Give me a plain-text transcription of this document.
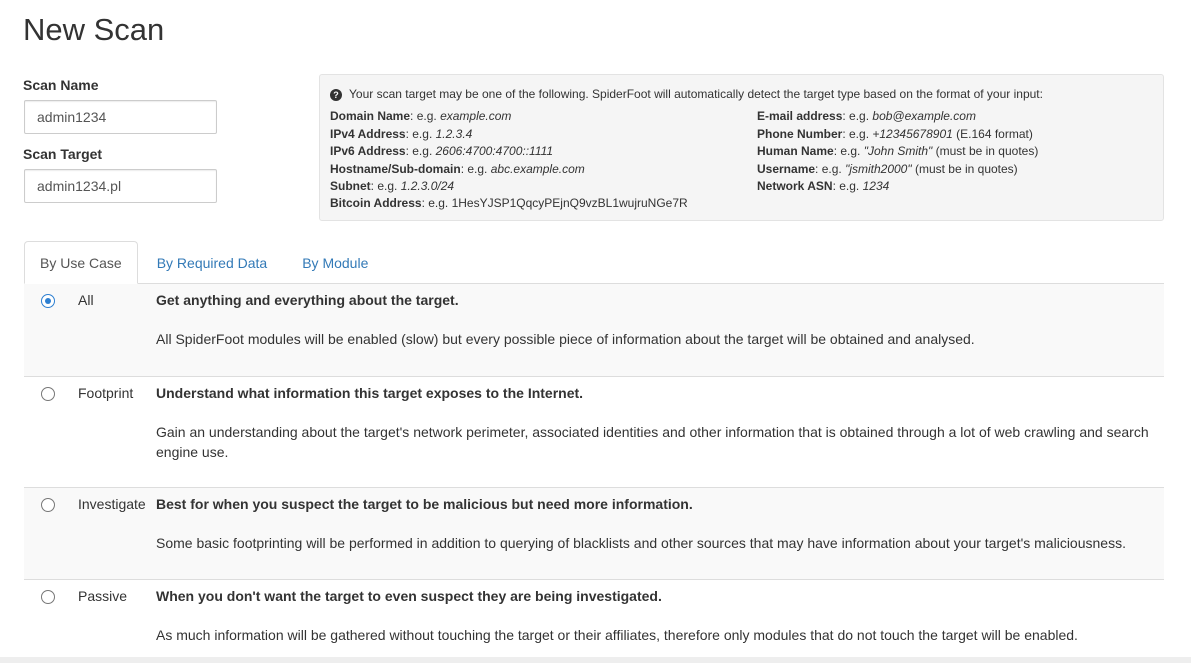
New Scan
Scan Name
admin1234
Scan Target
admin1234.pl
? Your scan target may be one of the following. SpiderFoot will automatically detect the target type based on the format of your input:
Domain Name: e.g. example.com
IPv4 Address: e.g. 1.2.3.4
IPv6 Address: e.g. 2606:4700:4700::1111
Hostname/Sub-domain: e.g. abc.example.com
Subnet: e.g. 1.2.3.0/24
Bitcoin Address: e.g. 1HesYJSP1QqcyPEjnQ9vzBL1wujruNGe7R
E-mail address: e.g. bob@example.com
Phone Number: e.g. +12345678901 (E.164 format)
Human Name: e.g. "John Smith" (must be in quotes)
Username: e.g. "jsmith2000" (must be in quotes)
Network ASN: e.g. 1234
By Use Case	By Required Data	By Module
All	Get anything and everything about the target.
All SpiderFoot modules will be enabled (slow) but every possible piece of information about the target will be obtained and analysed.
Footprint	Understand what information this target exposes to the Internet.
Gain an understanding about the target's network perimeter, associated identities and other information that is obtained through a lot of web crawling and search engine use.
Investigate Best for when you suspect the target to be malicious but need more information.
Some basic footprinting will be performed in addition to querying of blacklists and other sources that may have information about your target's maliciousness.
Passive	When you don't want the target to even suspect they are being investigated.
As much information will be gathered without touching the target or their affiliates, therefore only modules that do not touch the target will be enabled.
